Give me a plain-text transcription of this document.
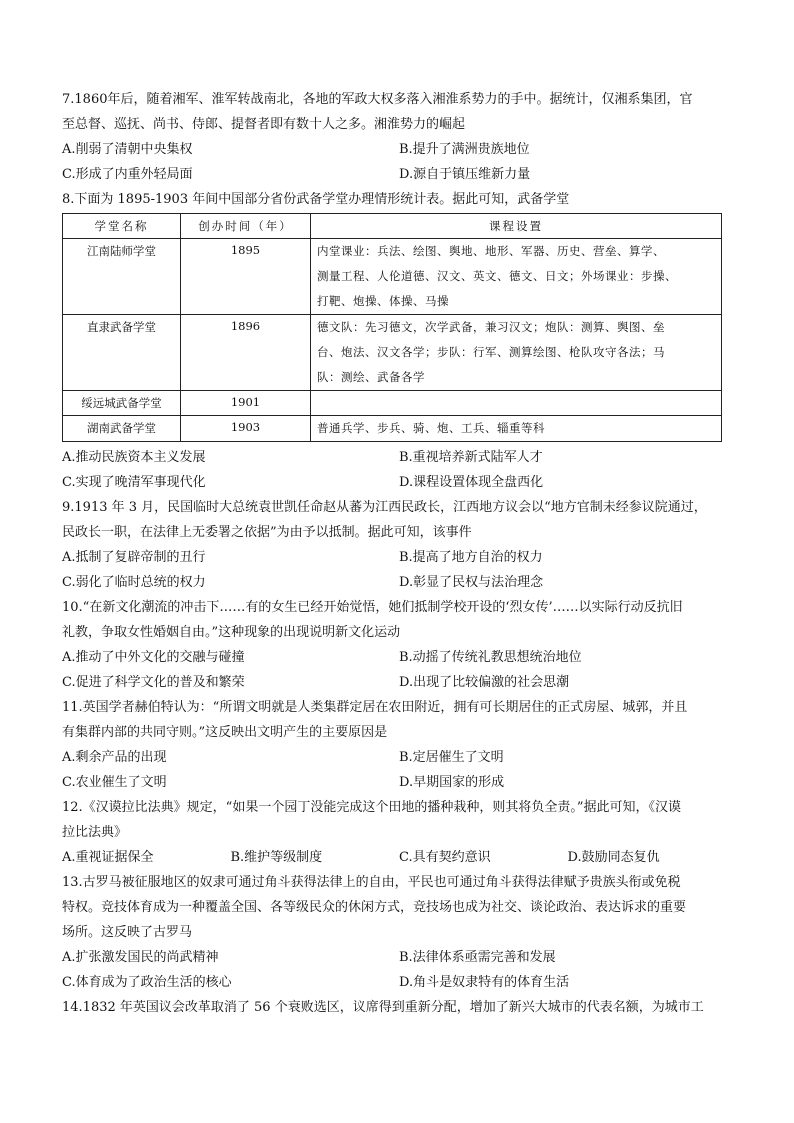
7.1860年后，随着湘军、淮军转战南北，各地的军政大权多落入湘淮系势力的手中。据统计，仅湘系集团，官
至总督、巡抚、尚书、侍郎、提督者即有数十人之多。湘淮势力的崛起
A.削弱了清朝中央集权	B.提升了满洲贵族地位
C.形成了内重外轻局面	D.源自于镇压维新力量
8.下面为 1895-1903 年间中国部分省份武备学堂办理情形统计表。据此可知，武备学堂
学堂名称	创办时间（年）	课程设置
江南陆师学堂	1895	内堂课业：兵法、绘图、舆地、地形、军器、历史、营垒、算学、
测量工程、人伦道德、汉文、英文、德文、日文；外场课业：步操、
打靶、炮操、体操、马操

直隶武备学堂	1896	德文队：先习德文，次学武备，兼习汉文；炮队：测算、舆图、垒
台、炮法、汉文各学；步队：行军、测算绘图、枪队攻守各法；马
队：测绘、武备各学

绥远城武备学堂	1901	

湖南武备学堂	1903	普通兵学、步兵、骑、炮、工兵、辎重等科
A.推动民族资本主义发展	B.重视培养新式陆军人才
C.实现了晚清军事现代化	D.课程设置体现全盘西化
9.1913 年 3 月，民国临时大总统袁世凯任命赵从蕃为江西民政长，江西地方议会以“地方官制未经参议院通过，
民政长一职，在法律上无委署之依据”为由予以抵制。据此可知，该事件
A.抵制了复辟帝制的丑行	B.提高了地方自治的权力
C.弱化了临时总统的权力	D.彰显了民权与法治理念
10.“在新文化潮流的冲击下……有的女生已经开始觉悟，她们抵制学校开设的‘烈女传’……以实际行动反抗旧
礼教，争取女性婚姻自由。”这种现象的出现说明新文化运动
A.推动了中外文化的交融与碰撞	B.动摇了传统礼教思想统治地位
C.促进了科学文化的普及和繁荣	D.出现了比较偏激的社会思潮
11.英国学者赫伯特认为：“所谓文明就是人类集群定居在农田附近，拥有可长期居住的正式房屋、城郭，并且
有集群内部的共同守则。”这反映出文明产生的主要原因是
A.剩余产品的出现	B.定居催生了文明
C.农业催生了文明	D.早期国家的形成
12.《汉谟拉比法典》规定，“如果一个园丁没能完成这个田地的播种栽种，则其将负全责。”据此可知，《汉谟
拉比法典》
A.重视证据保全	B.维护等级制度	C.具有契约意识	D.鼓励同态复仇
13.古罗马被征服地区的奴隶可通过角斗获得法律上的自由，平民也可通过角斗获得法律赋予贵族头衔或免税
特权。竞技体育成为一种覆盖全国、各等级民众的休闲方式，竞技场也成为社交、谈论政治、表达诉求的重要
场所。这反映了古罗马
A.扩张激发国民的尚武精神	B.法律体系亟需完善和发展
C.体育成为了政治生活的核心	D.角斗是奴隶特有的体育生活
14.1832 年英国议会改革取消了 56 个衰败选区，议席得到重新分配，增加了新兴大城市的代表名额，为城市工
